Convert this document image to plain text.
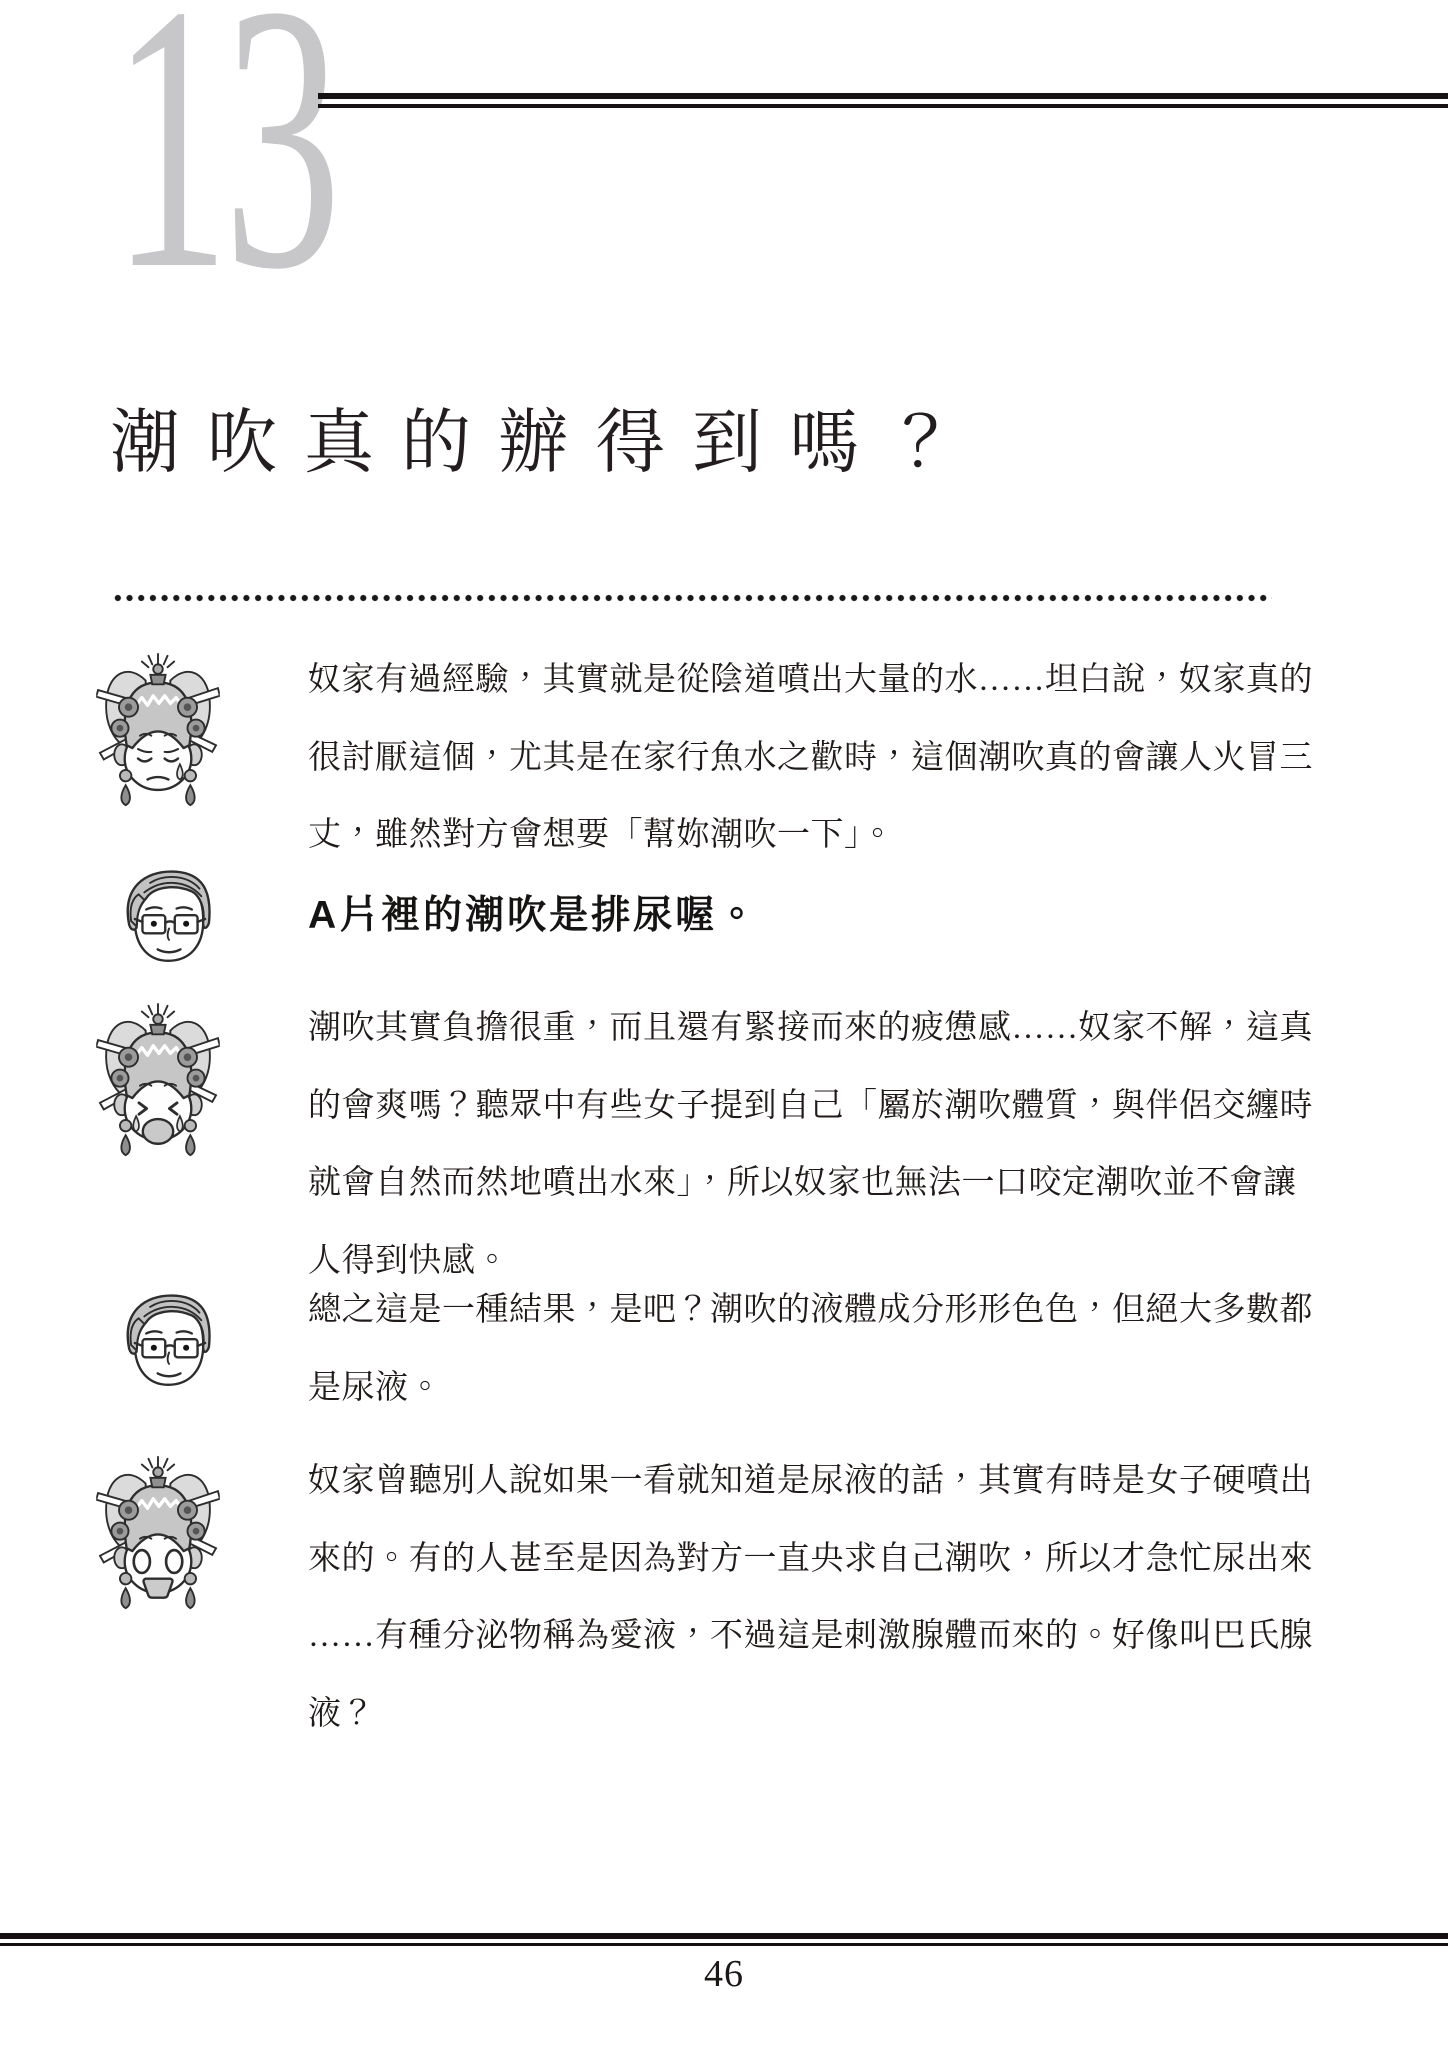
13
潮吹真的辦得到嗎？
奴家有過經驗，其實就是從陰道噴出大量的水……坦白說，奴家真的
很討厭這個，尤其是在家行魚水之歡時，這個潮吹真的會讓人火冒三
丈，雖然對方會想要「幫妳潮吹一下」。
A片裡的潮吹是排尿喔。
潮吹其實負擔很重，而且還有緊接而來的疲憊感……奴家不解，這真
的會爽嗎？聽眾中有些女子提到自己「屬於潮吹體質，與伴侶交纏時
就會自然而然地噴出水來」，所以奴家也無法一口咬定潮吹並不會讓
人得到快感。
總之這是一種結果，是吧？潮吹的液體成分形形色色，但絕大多數都
是尿液。
奴家曾聽別人說如果一看就知道是尿液的話，其實有時是女子硬噴出
來的。有的人甚至是因為對方一直央求自己潮吹，所以才急忙尿出來
……有種分泌物稱為愛液，不過這是刺激腺體而來的。好像叫巴氏腺
液？
46
